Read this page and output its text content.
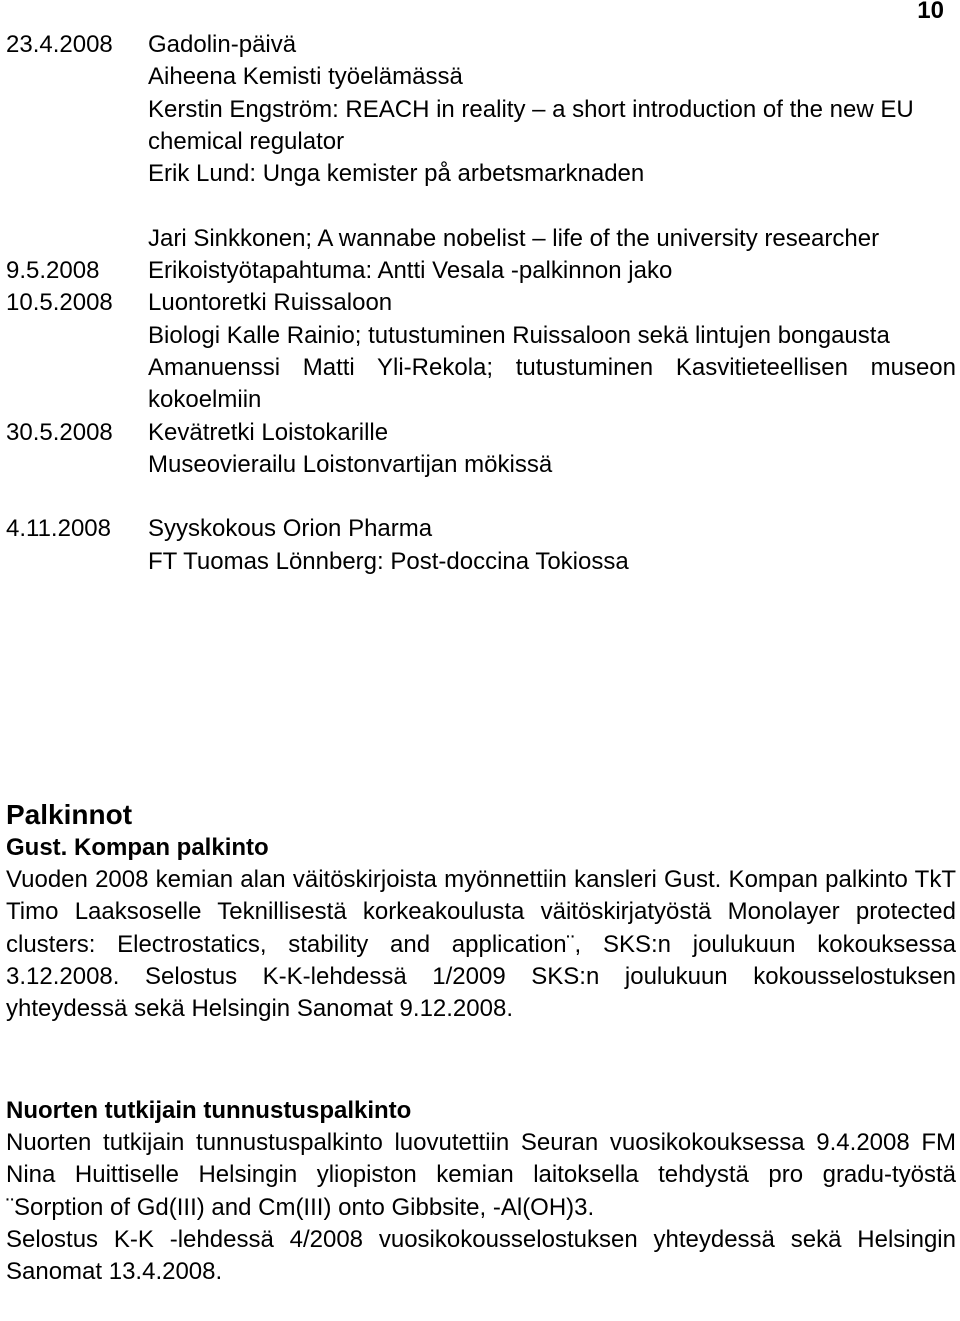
10
23.4.2008	Gadolin-päivä
Aiheena Kemisti työelämässä
Kerstin Engström: REACH in reality – a short introduction of the new EU chemical regulator
Erik Lund: Unga kemister på arbetsmarknaden
Jari Sinkkonen; A wannabe nobelist – life of the university researcher
9.5.2008	Erikoistyötapahtuma: Antti Vesala -palkinnon jako
10.5.2008	Luontoretki Ruissaloon
Biologi Kalle Rainio; tutustuminen Ruissaloon sekä lintujen bongausta
Amanuenssi Matti Yli-Rekola; tutustuminen Kasvitieteellisen museon kokoelmiin
30.5.2008	Kevätretki Loistokarille
Museovierailu Loistonvartijan mökissä
4.11.2008	Syyskokous Orion Pharma
FT Tuomas Lönnberg: Post-doccina Tokiossa
Palkinnot
Gust. Kompan palkinto
Vuoden 2008 kemian alan väitöskirjoista myönnettiin kansleri Gust. Kompan palkinto TkT Timo Laaksoselle Teknillisestä korkeakoulusta väitöskirjatyöstä Monolayer protected clusters: Electrostatics, stability and application¨, SKS:n joulukuun kokouksessa 3.12.2008. Selostus K-K-lehdessä 1/2009 SKS:n joulukuun kokousselostuksen yhteydessä sekä Helsingin Sanomat 9.12.2008.
Nuorten tutkijain tunnustuspalkinto
Nuorten tutkijain tunnustuspalkinto luovutettiin Seuran vuosikokouksessa 9.4.2008 FM Nina Huittiselle Helsingin yliopiston kemian laitoksella tehdystä pro gradu-työstä ¨Sorption of Gd(III) and Cm(III) onto Gibbsite, -Al(OH)3.
Selostus K-K -lehdessä 4/2008 vuosikokousselostuksen yhteydessä sekä Helsingin Sanomat 13.4.2008.
